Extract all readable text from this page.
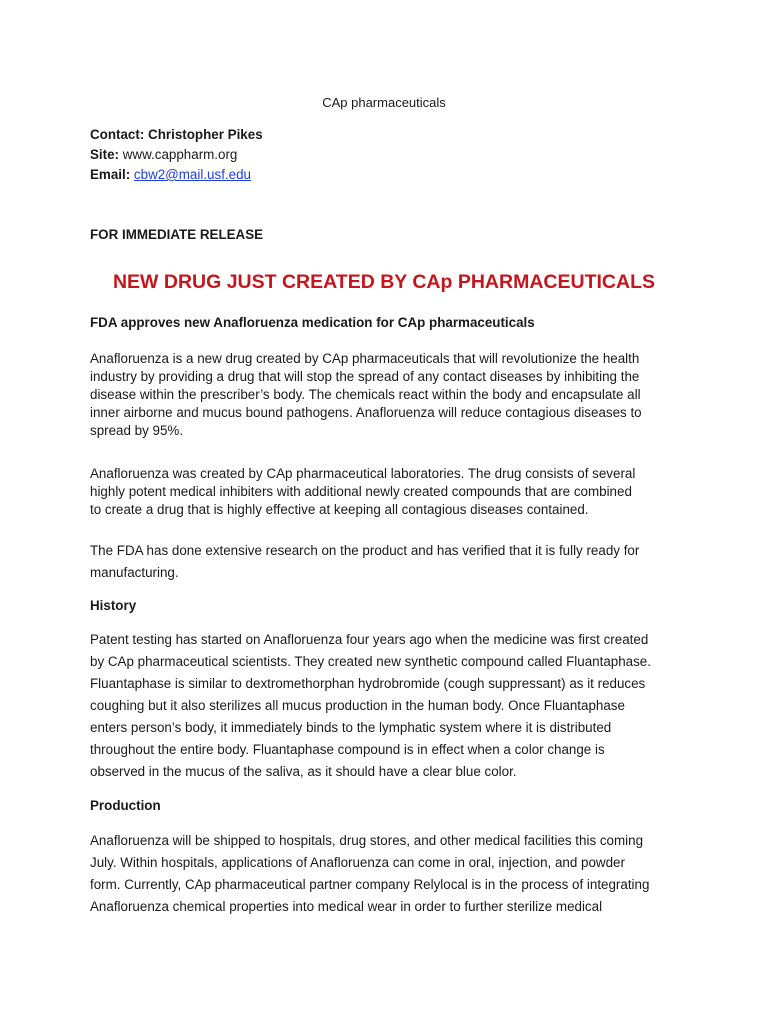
CAp pharmaceuticals
Contact: Christopher Pikes
Site: www.cappharm.org
Email: cbw2@mail.usf.edu
FOR IMMEDIATE RELEASE
NEW DRUG JUST CREATED BY CAp PHARMACEUTICALS
FDA approves new Anafloruenza medication for CAp pharmaceuticals
Anafloruenza is a new drug created by CAp pharmaceuticals that will revolutionize the health
industry by providing a drug that will stop the spread of any contact diseases by inhibiting the
disease within the prescriber’s body. The chemicals react within the body and encapsulate all
inner airborne and mucus bound pathogens. Anafloruenza will reduce contagious diseases to
spread by 95%.
Anafloruenza was created by CAp pharmaceutical laboratories. The drug consists of several
highly potent medical inhibiters with additional newly created compounds that are combined
to create a drug that is highly effective at keeping all contagious diseases contained.
The FDA has done extensive research on the product and has verified that it is fully ready for
manufacturing.
History
Patent testing has started on Anafloruenza four years ago when the medicine was first created
by CAp pharmaceutical scientists. They created new synthetic compound called Fluantaphase.
Fluantaphase is similar to dextromethorphan hydrobromide (cough suppressant) as it reduces
coughing but it also sterilizes all mucus production in the human body. Once Fluantaphase
enters person’s body, it immediately binds to the lymphatic system where it is distributed
throughout the entire body. Fluantaphase compound is in effect when a color change is
observed in the mucus of the saliva, as it should have a clear blue color.
Production
Anafloruenza will be shipped to hospitals, drug stores, and other medical facilities this coming
July. Within hospitals, applications of Anafloruenza can come in oral, injection, and powder
form. Currently, CAp pharmaceutical partner company Relylocal is in the process of integrating
Anafloruenza chemical properties into medical wear in order to further sterilize medical
